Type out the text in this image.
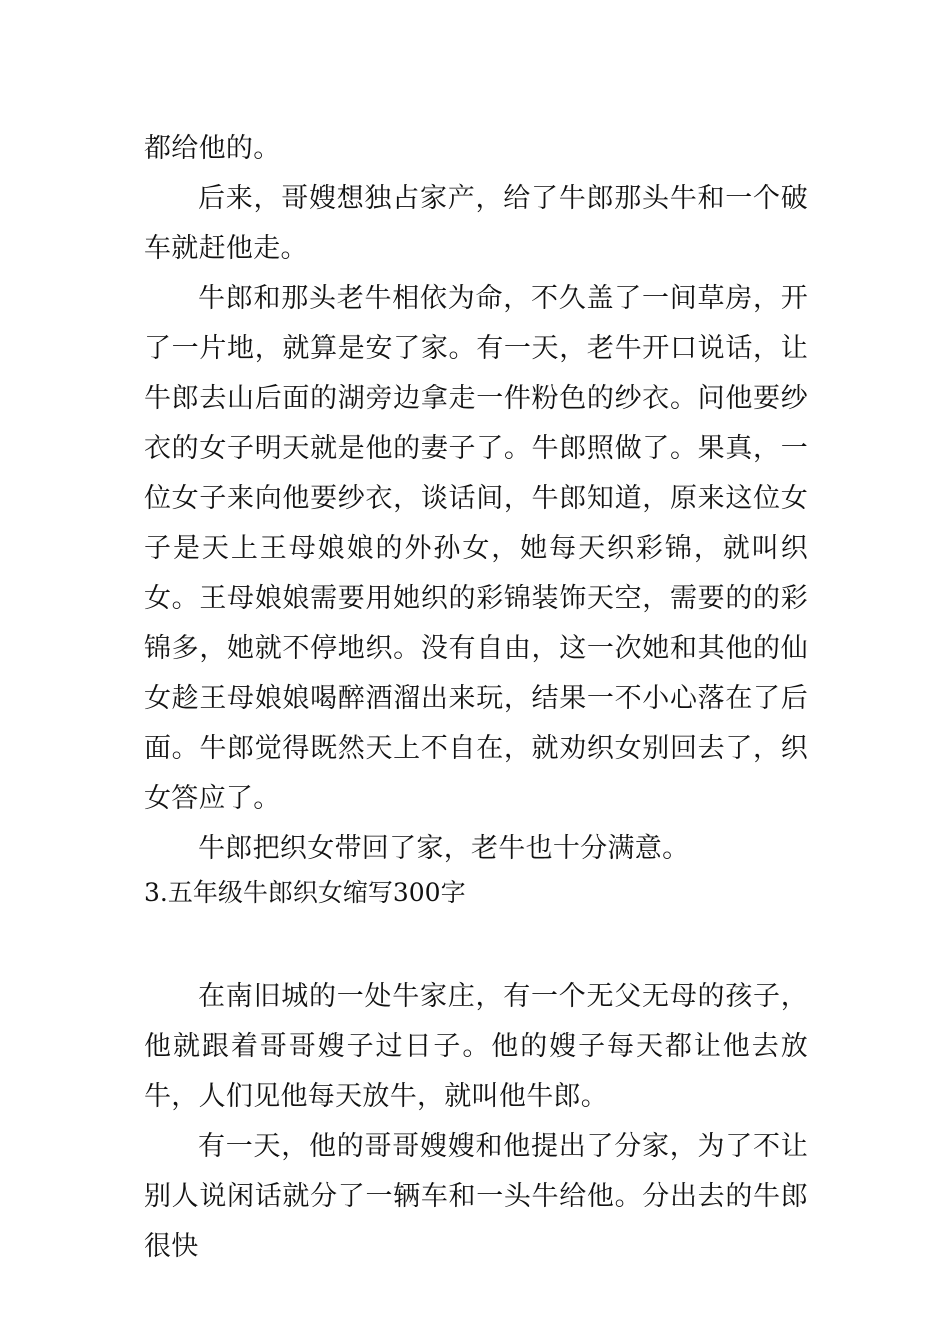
都给他的。

后来，哥嫂想独占家产，给了牛郎那头牛和一个破车就赶他走。

牛郎和那头老牛相依为命，不久盖了一间草房，开了一片地，就算是安了家。有一天，老牛开口说话，让牛郎去山后面的湖旁边拿走一件粉色的纱衣。问他要纱衣的女子明天就是他的妻子了。牛郎照做了。果真，一位女子来向他要纱衣，谈话间，牛郎知道，原来这位女子是天上王母娘娘的外孙女，她每天织彩锦，就叫织女。王母娘娘需要用她织的彩锦装饰天空，需要的的彩锦多，她就不停地织。没有自由，这一次她和其他的仙女趁王母娘娘喝醉酒溜出来玩，结果一不小心落在了后面。牛郎觉得既然天上不自在，就劝织女别回去了，织女答应了。

牛郎把织女带回了家，老牛也十分满意。

3.五年级牛郎织女缩写300字

在南旧城的一处牛家庄，有一个无父无母的孩子，他就跟着哥哥嫂子过日子。他的嫂子每天都让他去放牛，人们见他每天放牛，就叫他牛郎。

有一天，他的哥哥嫂嫂和他提出了分家，为了不让别人说闲话就分了一辆车和一头牛给他。分出去的牛郎很快
